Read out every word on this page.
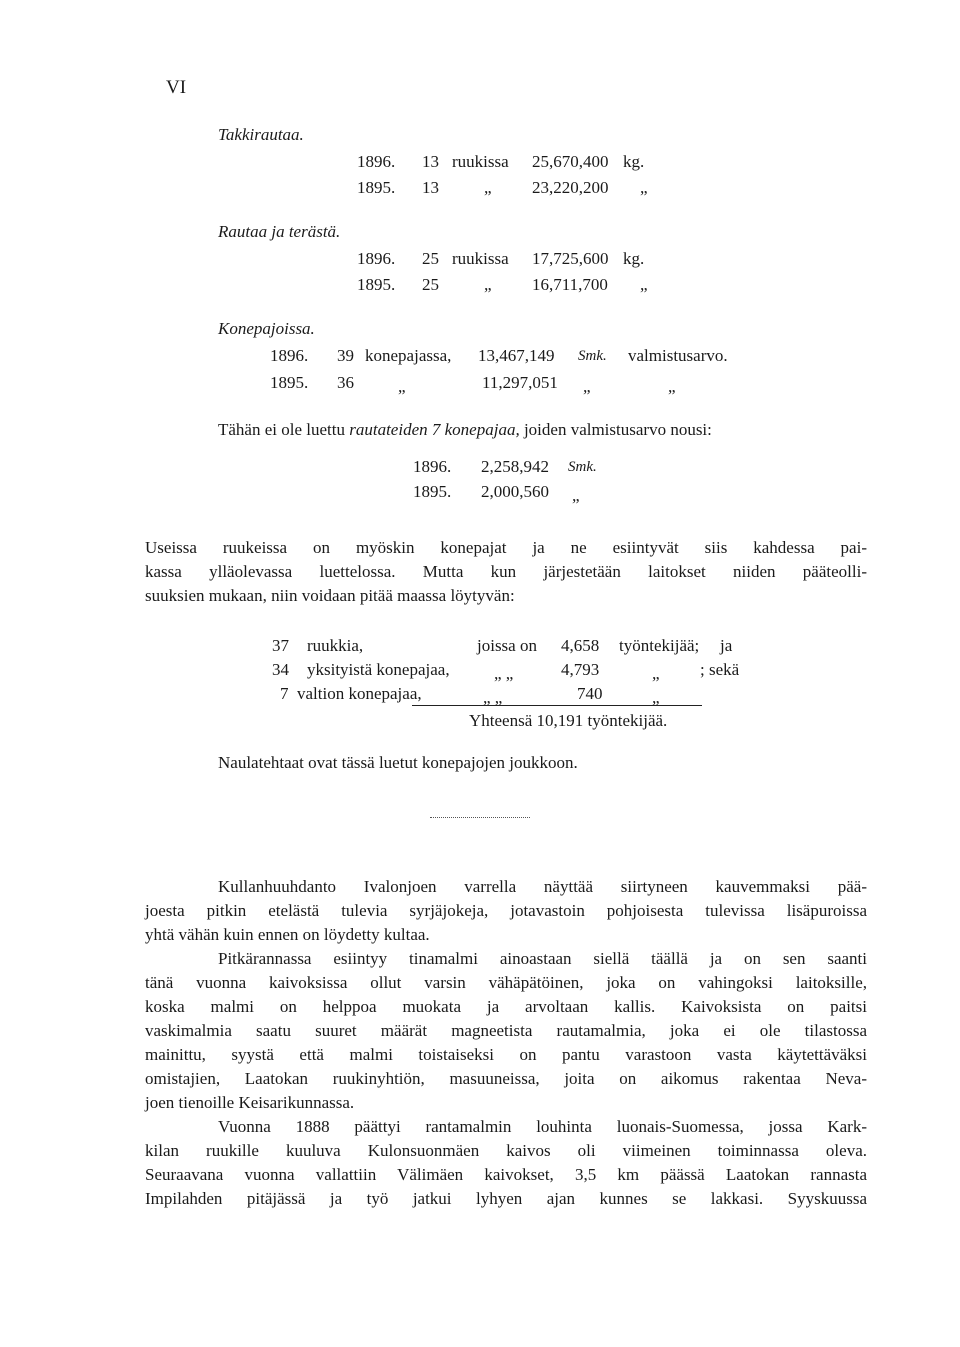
VI
Takkirautaa.
1896. 13 ruukissa 25,670,400 kg.
1895. 13	„ 23,220,200 „
Rautaa ja terästä.
1896. 25 ruukissa 17,725,600 kg.
1895. 25	„ 16,711,700 „
Konepajoissa.
1896. 39 konepajassa, 13,467,149 Smk. valmistusarvo.
1895. 36	„	11,297,051 „	„
Tähän ei ole luettu rautateiden 7 konepajaa, joiden valmistusarvo nousi:
1896. 2,258,942 Smk.
1895. 2,000,560 „
Useissa ruukeissa on myöskin konepajat ja ne esiintyvät siis kahdessa pai-
kassa ylläolevassa luettelossa. Mutta kun järjestetään laitokset niiden pääteolli-
suuksien mukaan, niin voidaan pitää maassa löytyvän:
37 ruukkia,	joissa on 4,658 työntekijää; ja
34 yksityistä konepajaa,	„ „	4,793	„ ; sekä
7 valtion konepajaa,	„ „	740	„
Yhteensä 10,191 työntekijää.
Naulatehtaat ovat tässä luetut konepajojen joukkoon.
Kullanhuuhdanto Ivalonjoen varrella näyttää siirtyneen kauvemmaksi pää-
joesta pitkin etelästä tulevia syrjäjokeja, jotavastoin pohjoisesta tulevissa lisäpuroissa
yhtä vähän kuin ennen on löydetty kultaa.
Pitkärannassa esiintyy tinamalmi ainoastaan siellä täällä ja on sen saanti
tänä vuonna kaivoksissa ollut varsin vähäpätöinen, joka on vahingoksi laitoksille,
koska malmi on helppoa muokata ja arvoltaan kallis. Kaivoksista on paitsi
vaskimalmia saatu suuret määrät magneetista rautamalmia, joka ei ole tilastossa
mainittu, syystä että malmi toistaiseksi on pantu varastoon vasta käytettäväksi
omistajien, Laatokan ruukinyhtiön, masuuneissa, joita on aikomus rakentaa Neva-
joen tienoille Keisarikunnassa.
Vuonna 1888 päättyi rantamalmin louhinta luonais-Suomessa, jossa Kark-
kilan ruukille kuuluva Kulonsuonmäen kaivos oli viimeinen toiminnassa oleva.
Seuraavana vuonna vallattiin Välimäen kaivokset, 3,5 km päässä Laatokan rannasta
Impilahden pitäjässä ja työ jatkui lyhyen ajan kunnes se lakkasi. Syyskuussa
